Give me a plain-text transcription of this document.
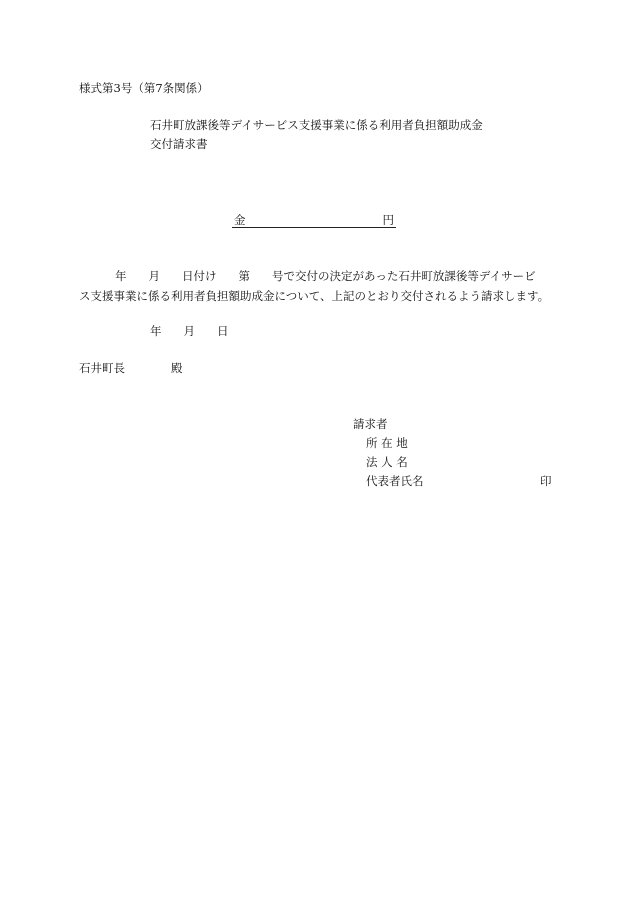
様式第3号（第7条関係）
石井町放課後等デイサービス支援事業に係る利用者負担額助成金
交付請求書
金	円
年 月 日付け 第 号で交付の決定があった石井町放課後等デイサービ
ス支援事業に係る利用者負担額助成金について、上記のとおり交付されるよう請求します。
年 月 日
石井町長	殿
請求者
所 在 地
法 人 名
代表者氏名	印
